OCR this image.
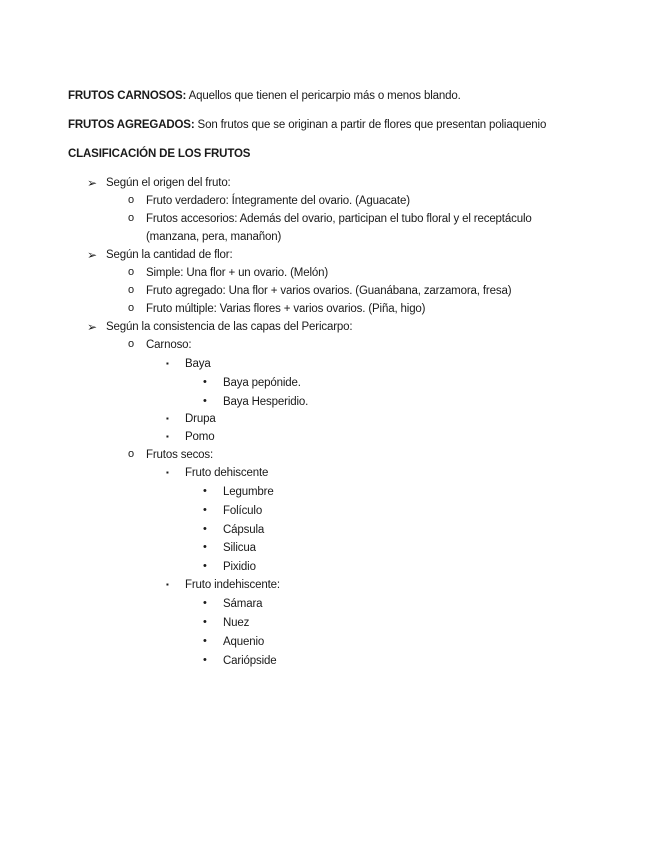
FRUTOS CARNOSOS: Aquellos que tienen el pericarpio más o menos blando.
FRUTOS AGREGADOS: Son frutos que se originan a partir de flores que presentan poliaquenio
CLASIFICACIÓN DE LOS FRUTOS
➢ Según el origen del fruto:
o Fruto verdadero: Íntegramente del ovario. (Aguacate)
o Frutos accesorios: Además del ovario, participan el tubo floral y el receptáculo
(manzana, pera, manañon)
➢ Según la cantidad de flor:
o Simple: Una flor + un ovario. (Melón)
o Fruto agregado: Una flor + varios ovarios. (Guanábana, zarzamora, fresa)
o Fruto múltiple: Varias flores + varios ovarios. (Piña, higo)
➢ Según la consistencia de las capas del Pericarpo:
o Carnoso:
▪ Baya
• Baya pepónide.
• Baya Hesperidio.
▪ Drupa
▪ Pomo
o Frutos secos:
▪ Fruto dehiscente
• Legumbre
• Folículo
• Cápsula
• Silicua
• Pixidio
▪ Fruto indehiscente:
• Sámara
• Nuez
• Aquenio
• Cariópside
